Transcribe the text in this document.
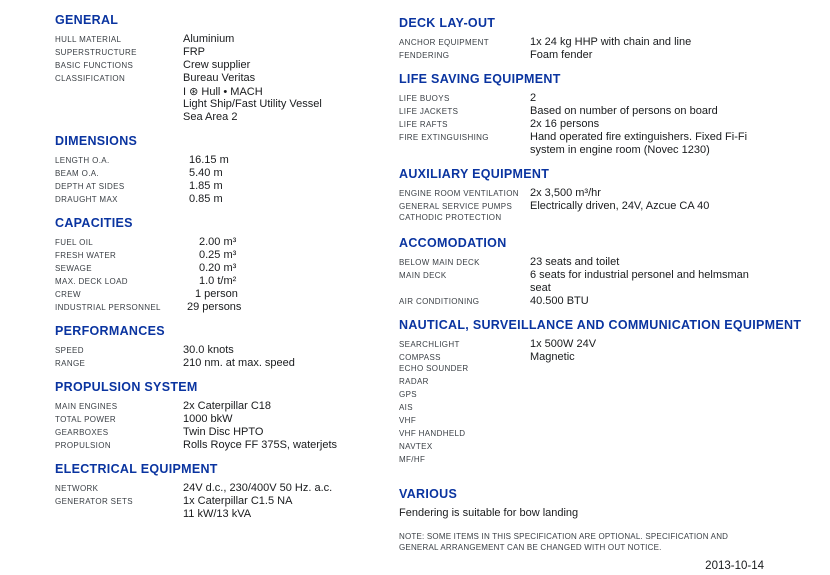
GENERAL
HULL MATERIAL	Aluminium
SUPERSTRUCTURE	FRP
BASIC FUNCTIONS	Crew supplier
CLASSIFICATION	Bureau Veritas
I ⊛ Hull • MACH
Light Ship/Fast Utility Vessel
Sea Area 2
DIMENSIONS
LENGTH O.A.	16.15 m
BEAM O.A.	5.40 m
DEPTH AT SIDES	1.85 m
DRAUGHT MAX	0.85 m
CAPACITIES
FUEL OIL	2.00 m³
FRESH WATER	0.25 m³
SEWAGE	0.20 m³
MAX. DECK LOAD	1.0 t/m²
CREW	1 person
INDUSTRIAL PERSONNEL	29 persons
PERFORMANCES
SPEED	30.0 knots
RANGE	210 nm. at max. speed
PROPULSION SYSTEM
MAIN ENGINES	2x Caterpillar C18
TOTAL POWER	1000 bkW
GEARBOXES	Twin Disc HPTO
PROPULSION	Rolls Royce FF 375S, waterjets
ELECTRICAL EQUIPMENT
NETWORK	24V d.c., 230/400V 50 Hz. a.c.
GENERATOR SETS	1x Caterpillar C1.5 NA
11 kW/13 kVA
DECK LAY-OUT
ANCHOR EQUIPMENT	1x 24 kg HHP with chain and line
FENDERING	Foam fender
LIFE SAVING EQUIPMENT
LIFE BUOYS	2
LIFE JACKETS	Based on number of persons on board
LIFE RAFTS	2x 16 persons
FIRE EXTINGUISHING	Hand operated fire extinguishers. Fixed Fi-Fi
system in engine room (Novec 1230)
AUXILIARY EQUIPMENT
ENGINE ROOM VENTILATION	2x 3,500 m³/hr
GENERAL SERVICE PUMPS	Electrically driven, 24V, Azcue CA 40
CATHODIC PROTECTION
ACCOMODATION
BELOW MAIN DECK	23 seats and toilet
MAIN DECK	6 seats for industrial personel and helmsman
seat
AIR CONDITIONING	40.500 BTU
NAUTICAL, SURVEILLANCE AND COMMUNICATION EQUIPMENT
SEARCHLIGHT	1x 500W 24V
COMPASS	Magnetic
ECHO SOUNDER
RADAR
GPS
AIS
VHF
VHF HANDHELD
NAVTEX
MF/HF
VARIOUS
Fendering is suitable for bow landing
NOTE: SOME ITEMS IN THIS SPECIFICATION ARE OPTIONAL. SPECIFICATION AND GENERAL ARRANGEMENT CAN BE CHANGED WITH OUT NOTICE.
2013-10-14
